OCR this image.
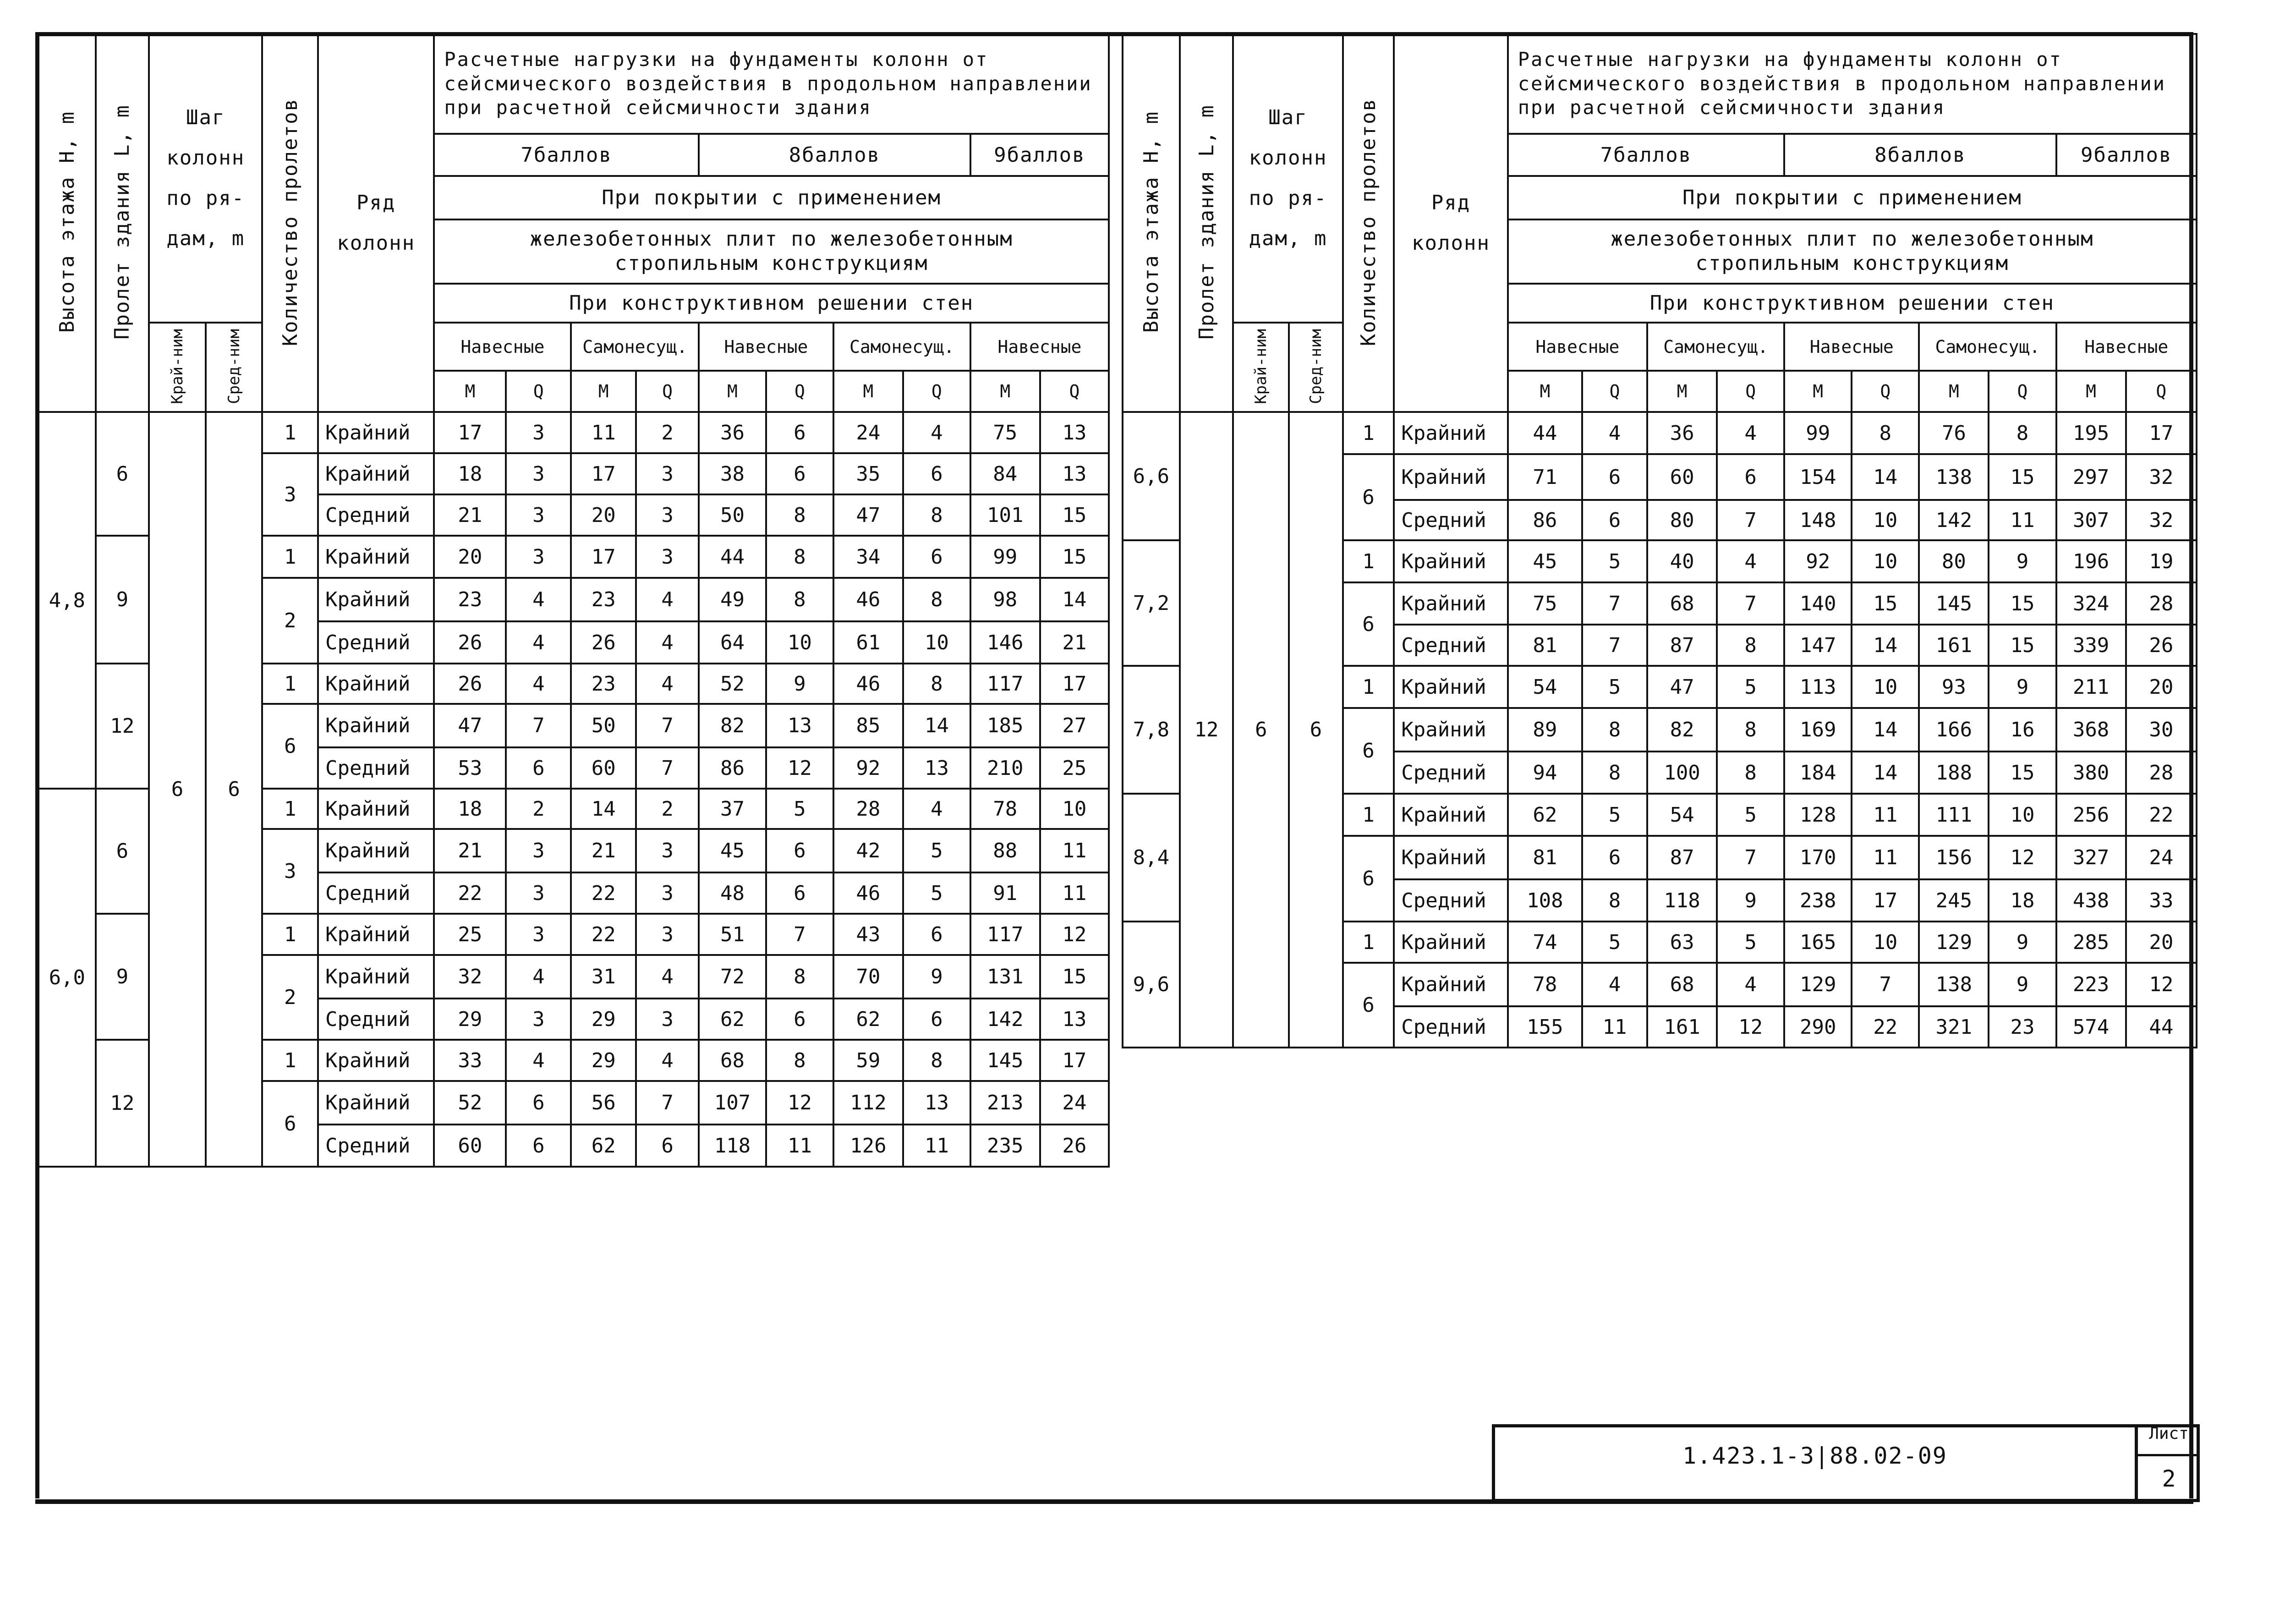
Высота этажа H, m	Пролет здания L, m	Шаг колонн по ря-дам, m		Количество пролетов	Ряд колонн	Расчетные нагрузки на фундаменты колонн от сейсмического воздействия в продольном направлении при расчетной сейсмичности здания									
						7баллов				8баллов				9баллов	
						При покрытии с применением									
						железобетонных плит по железобетонным стропильным конструкциям									
						При конструктивном решении стен									
		Край-ним	Сред-ним			Навесные		Самонесущ.		Навесные		Самонесущ.		Навесные	
						M	Q	M	Q	M	Q	M	Q	M	Q
4,8	6	6	6	1	Крайний	17	3	11	2	36	6	24	4	75	13
				3	Крайний	18	3	17	3	38	6	35	6	84	13
					Средний	21	3	20	3	50	8	47	8	101	15
	9			1	Крайний	20	3	17	3	44	8	34	6	99	15
				2	Крайний	23	4	23	4	49	8	46	8	98	14
					Средний	26	4	26	4	64	10	61	10	146	21
	12			1	Крайний	26	4	23	4	52	9	46	8	117	17
				6	Крайний	47	7	50	7	82	13	85	14	185	27
					Средний	53	6	60	7	86	12	92	13	210	25
6,0	6			1	Крайний	18	2	14	2	37	5	28	4	78	10
				3	Крайний	21	3	21	3	45	6	42	5	88	11
					Средний	22	3	22	3	48	6	46	5	91	11
	9			1	Крайний	25	3	22	3	51	7	43	6	117	12
				2	Крайний	32	4	31	4	72	8	70	9	131	15
					Средний	29	3	29	3	62	6	62	6	142	13
	12			1	Крайний	33	4	29	4	68	8	59	8	145	17
				6	Крайний	52	6	56	7	107	12	112	13	213	24
					Средний	60	6	62	6	118	11	126	11	235	26
Высота этажа H, m	Пролет здания L, m	Шаг колонн по ря-дам, m		Количество пролетов	Ряд колонн	Расчетные нагрузки на фундаменты колонн от сейсмического воздействия в продольном направлении при расчетной сейсмичности здания									
						7баллов				8баллов				9баллов	
						При покрытии с применением									
						железобетонных плит по железобетонным стропильным конструкциям									
						При конструктивном решении стен									
		Край-ним	Сред-ним			Навесные		Самонесущ.		Навесные		Самонесущ.		Навесные	
						M	Q	M	Q	M	Q	M	Q	M	Q
6,6	12	6	6	1	Крайний	44	4	36	4	99	8	76	8	195	17
				6	Крайний	71	6	60	6	154	14	138	15	297	32
					Средний	86	6	80	7	148	10	142	11	307	32
7,2				1	Крайний	45	5	40	4	92	10	80	9	196	19
				6	Крайний	75	7	68	7	140	15	145	15	324	28
					Средний	81	7	87	8	147	14	161	15	339	26
7,8				1	Крайний	54	5	47	5	113	10	93	9	211	20
				6	Крайний	89	8	82	8	169	14	166	16	368	30
					Средний	94	8	100	8	184	14	188	15	380	28
8,4				1	Крайний	62	5	54	5	128	11	111	10	256	22
				6	Крайний	81	6	87	7	170	11	156	12	327	24
					Средний	108	8	118	9	238	17	245	18	438	33
9,6				1	Крайний	74	5	63	5	165	10	129	9	285	20
				6	Крайний	78	4	68	4	129	7	138	9	223	12
					Средний	155	11	161	12	290	22	321	23	574	44
1.423.1-3|88.02-09
Лист
2
